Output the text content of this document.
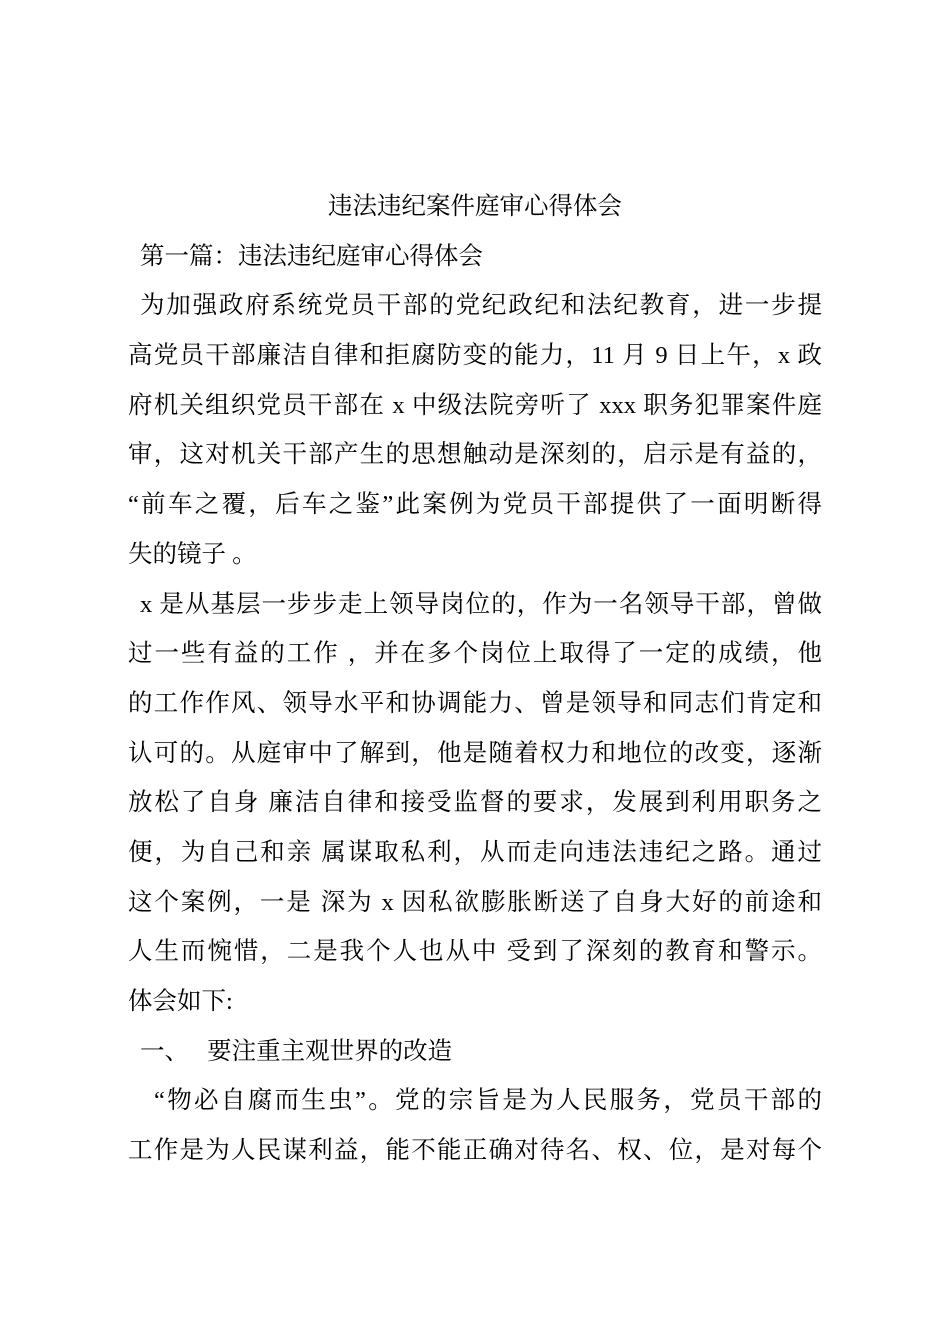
违法违纪案件庭审心得体会
第一篇：违法违纪庭审心得体会
为加强政府系统党员干部的党纪政纪和法纪教育，进一步提
高党员干部廉洁自律和拒腐防变的能力，11 月 9 日上午，x 政
府机关组织党员干部在 x 中级法院旁听了 xxx 职务犯罪案件庭
审，这对机关干部产生的思想触动是深刻的，启示是有益的，
“前车之覆，后车之鉴”此案例为党员干部提供了一面明断得
失的镜子 。
x 是从基层一步步走上领导岗位的，作为一名领导干部，曾做
过一些有益的工作 ，并在多个岗位上取得了一定的成绩，他
的工作作风、领导水平和协调能力、曾是领导和同志们肯定和
认可的。从庭审中了解到，他是随着权力和地位的改变，逐渐
放松了自身 廉洁自律和接受监督的要求，发展到利用职务之
便，为自己和亲 属谋取私利，从而走向违法违纪之路。通过
这个案例，一是 深为 x 因私欲膨胀断送了自身大好的前途和
人生而惋惜，二是我个人也从中 受到了深刻的教育和警示。
体会如下:
一、 要注重主观世界的改造
“物必自腐而生虫”。党的宗旨是为人民服务，党员干部的
工作是为人民谋利益，能不能正确对待名、权、位，是对每个
